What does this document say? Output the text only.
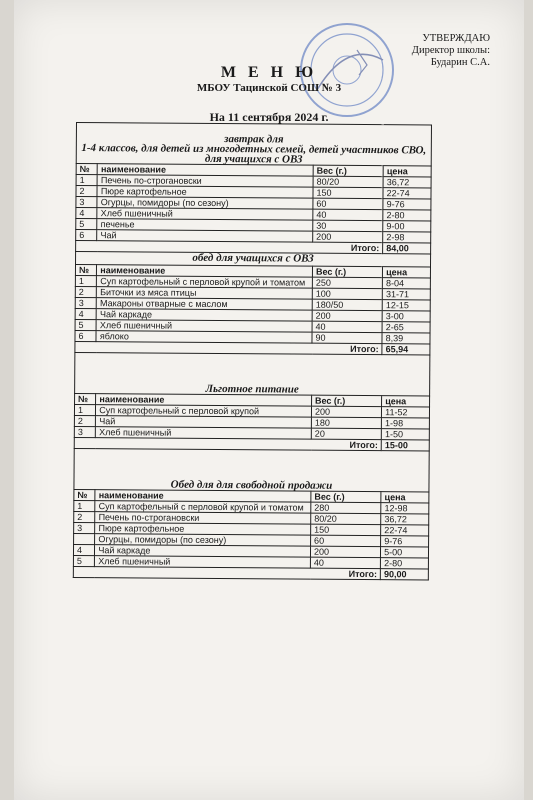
УТВЕРЖДАЮ
Директор школы:
Бударин С.А.
М Е Н Ю
МБОУ Тацинской СОШ № 3
На 11 сентября 2024 г.
завтрак для
1-4 классов, для детей из многодетных семей, детей участников СВО, для учащихся с ОВЗ			
№	наименование	Вес (г.)	цена
1	Печень по-строгановски	80/20	36,72
2	Пюре картофельное	150	22-74
3	Огурцы, помидоры (по сезону)	60	9-76
4	Хлеб пшеничный	40	2-80
5	печенье	30	9-00
6	Чай	200	2-98
Итого:			84,00
обед для учащихся с ОВЗ			
№	наименование	Вес (г.)	цена
1	Суп картофельный с перловой крупой и томатом	250	8-04
2	Биточки из мяса птицы	100	31-71
3	Макароны отварные с маслом	180/50	12-15
4	Чай каркаде	200	3-00
5	Хлеб пшеничный	40	2-65
6	яблоко	90	8,39
Итого:			65,94
Льготное питание			
№	наименование	Вес (г.)	цена
1	Суп картофельный с перловой крупой	200	11-52
2	Чай	180	1-98
3	Хлеб пшеничный	20	1-50
Итого:			15-00
Обед для для свободной продажи			
№	наименование	Вес (г.)	цена
1	Суп картофельный с перловой крупой и томатом	280	12-98
2	Печень по-строгановски	80/20	36,72
3	Пюре картофельное	150	22-74
	Огурцы, помидоры (по сезону)	60	9-76
4	Чай каркаде	200	5-00
5	Хлеб пшеничный	40	2-80
Итого:			90,00
